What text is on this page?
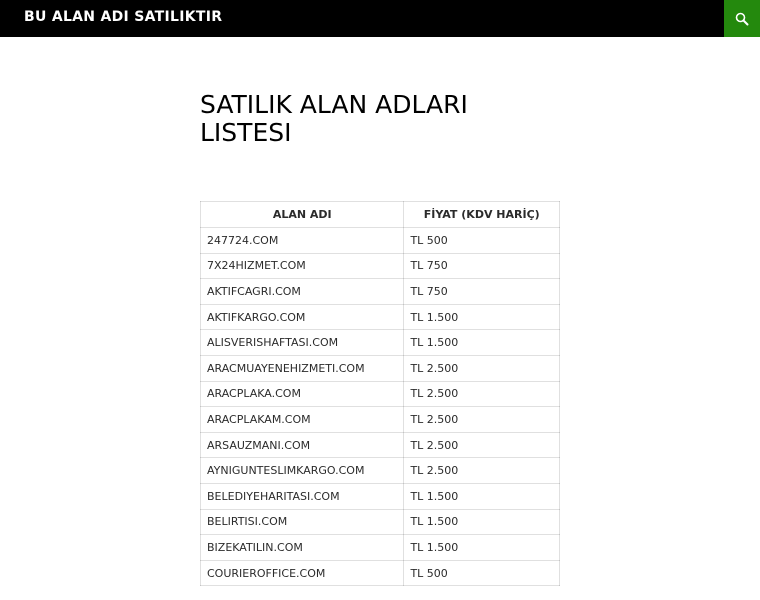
BU ALAN ADI SATILIKTIR
SATILIK ALAN ADLARI LISTESI
ALAN ADI	FİYAT (KDV HARİÇ)
247724.COM	TL 500
7X24HIZMET.COM	TL 750
AKTIFCAGRI.COM	TL 750
AKTIFKARGO.COM	TL 1.500
ALISVERISHAFTASI.COM	TL 1.500
ARACMUAYENEHIZMETI.COM	TL 2.500
ARACPLAKA.COM	TL 2.500
ARACPLAKAM.COM	TL 2.500
ARSAUZMANI.COM	TL 2.500
AYNIGUNTESLIMKARGO.COM	TL 2.500
BELEDIYEHARITASI.COM	TL 1.500
BELIRTISI.COM	TL 1.500
BIZEKATILIN.COM	TL 1.500
COURIEROFFICE.COM	TL 500
